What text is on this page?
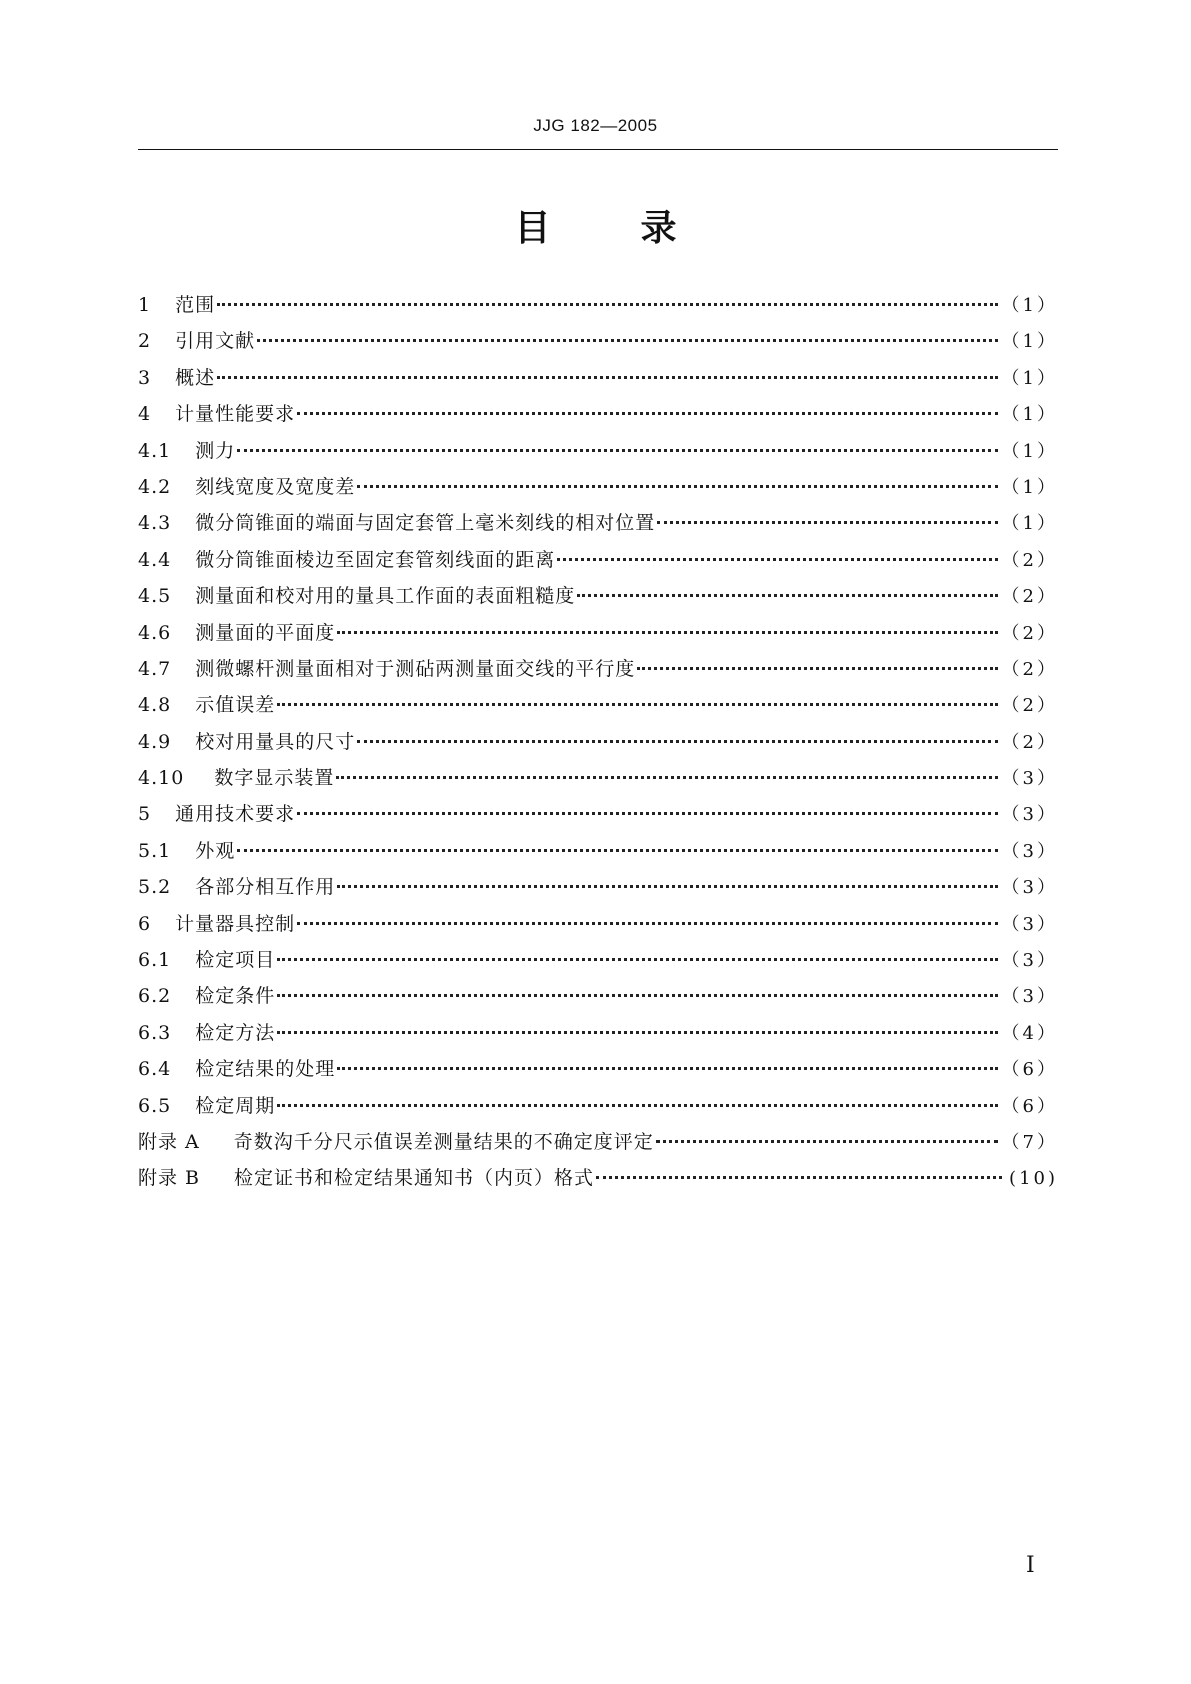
JJG 182—2005
目	录
1 范围	（1）
2 引用文献	（1）
3 概述	（1）
4 计量性能要求	（1）
4.1 测力	（1）
4.2 刻线宽度及宽度差	（1）
4.3 微分筒锥面的端面与固定套管上毫米刻线的相对位置	（1）
4.4 微分筒锥面棱边至固定套管刻线面的距离	（2）
4.5 测量面和校对用的量具工作面的表面粗糙度	（2）
4.6 测量面的平面度	（2）
4.7 测微螺杆测量面相对于测砧两测量面交线的平行度	（2）
4.8 示值误差	（2）
4.9 校对用量具的尺寸	（2）
4.10 数字显示装置	（3）
5 通用技术要求	（3）
5.1 外观	（3）
5.2 各部分相互作用	（3）
6 计量器具控制	（3）
6.1 检定项目	（3）
6.2 检定条件	（3）
6.3 检定方法	（4）
6.4 检定结果的处理	（6）
6.5 检定周期	（6）
附录 A 奇数沟千分尺示值误差测量结果的不确定度评定	（7）
附录 B 检定证书和检定结果通知书（内页）格式	(10)
I
